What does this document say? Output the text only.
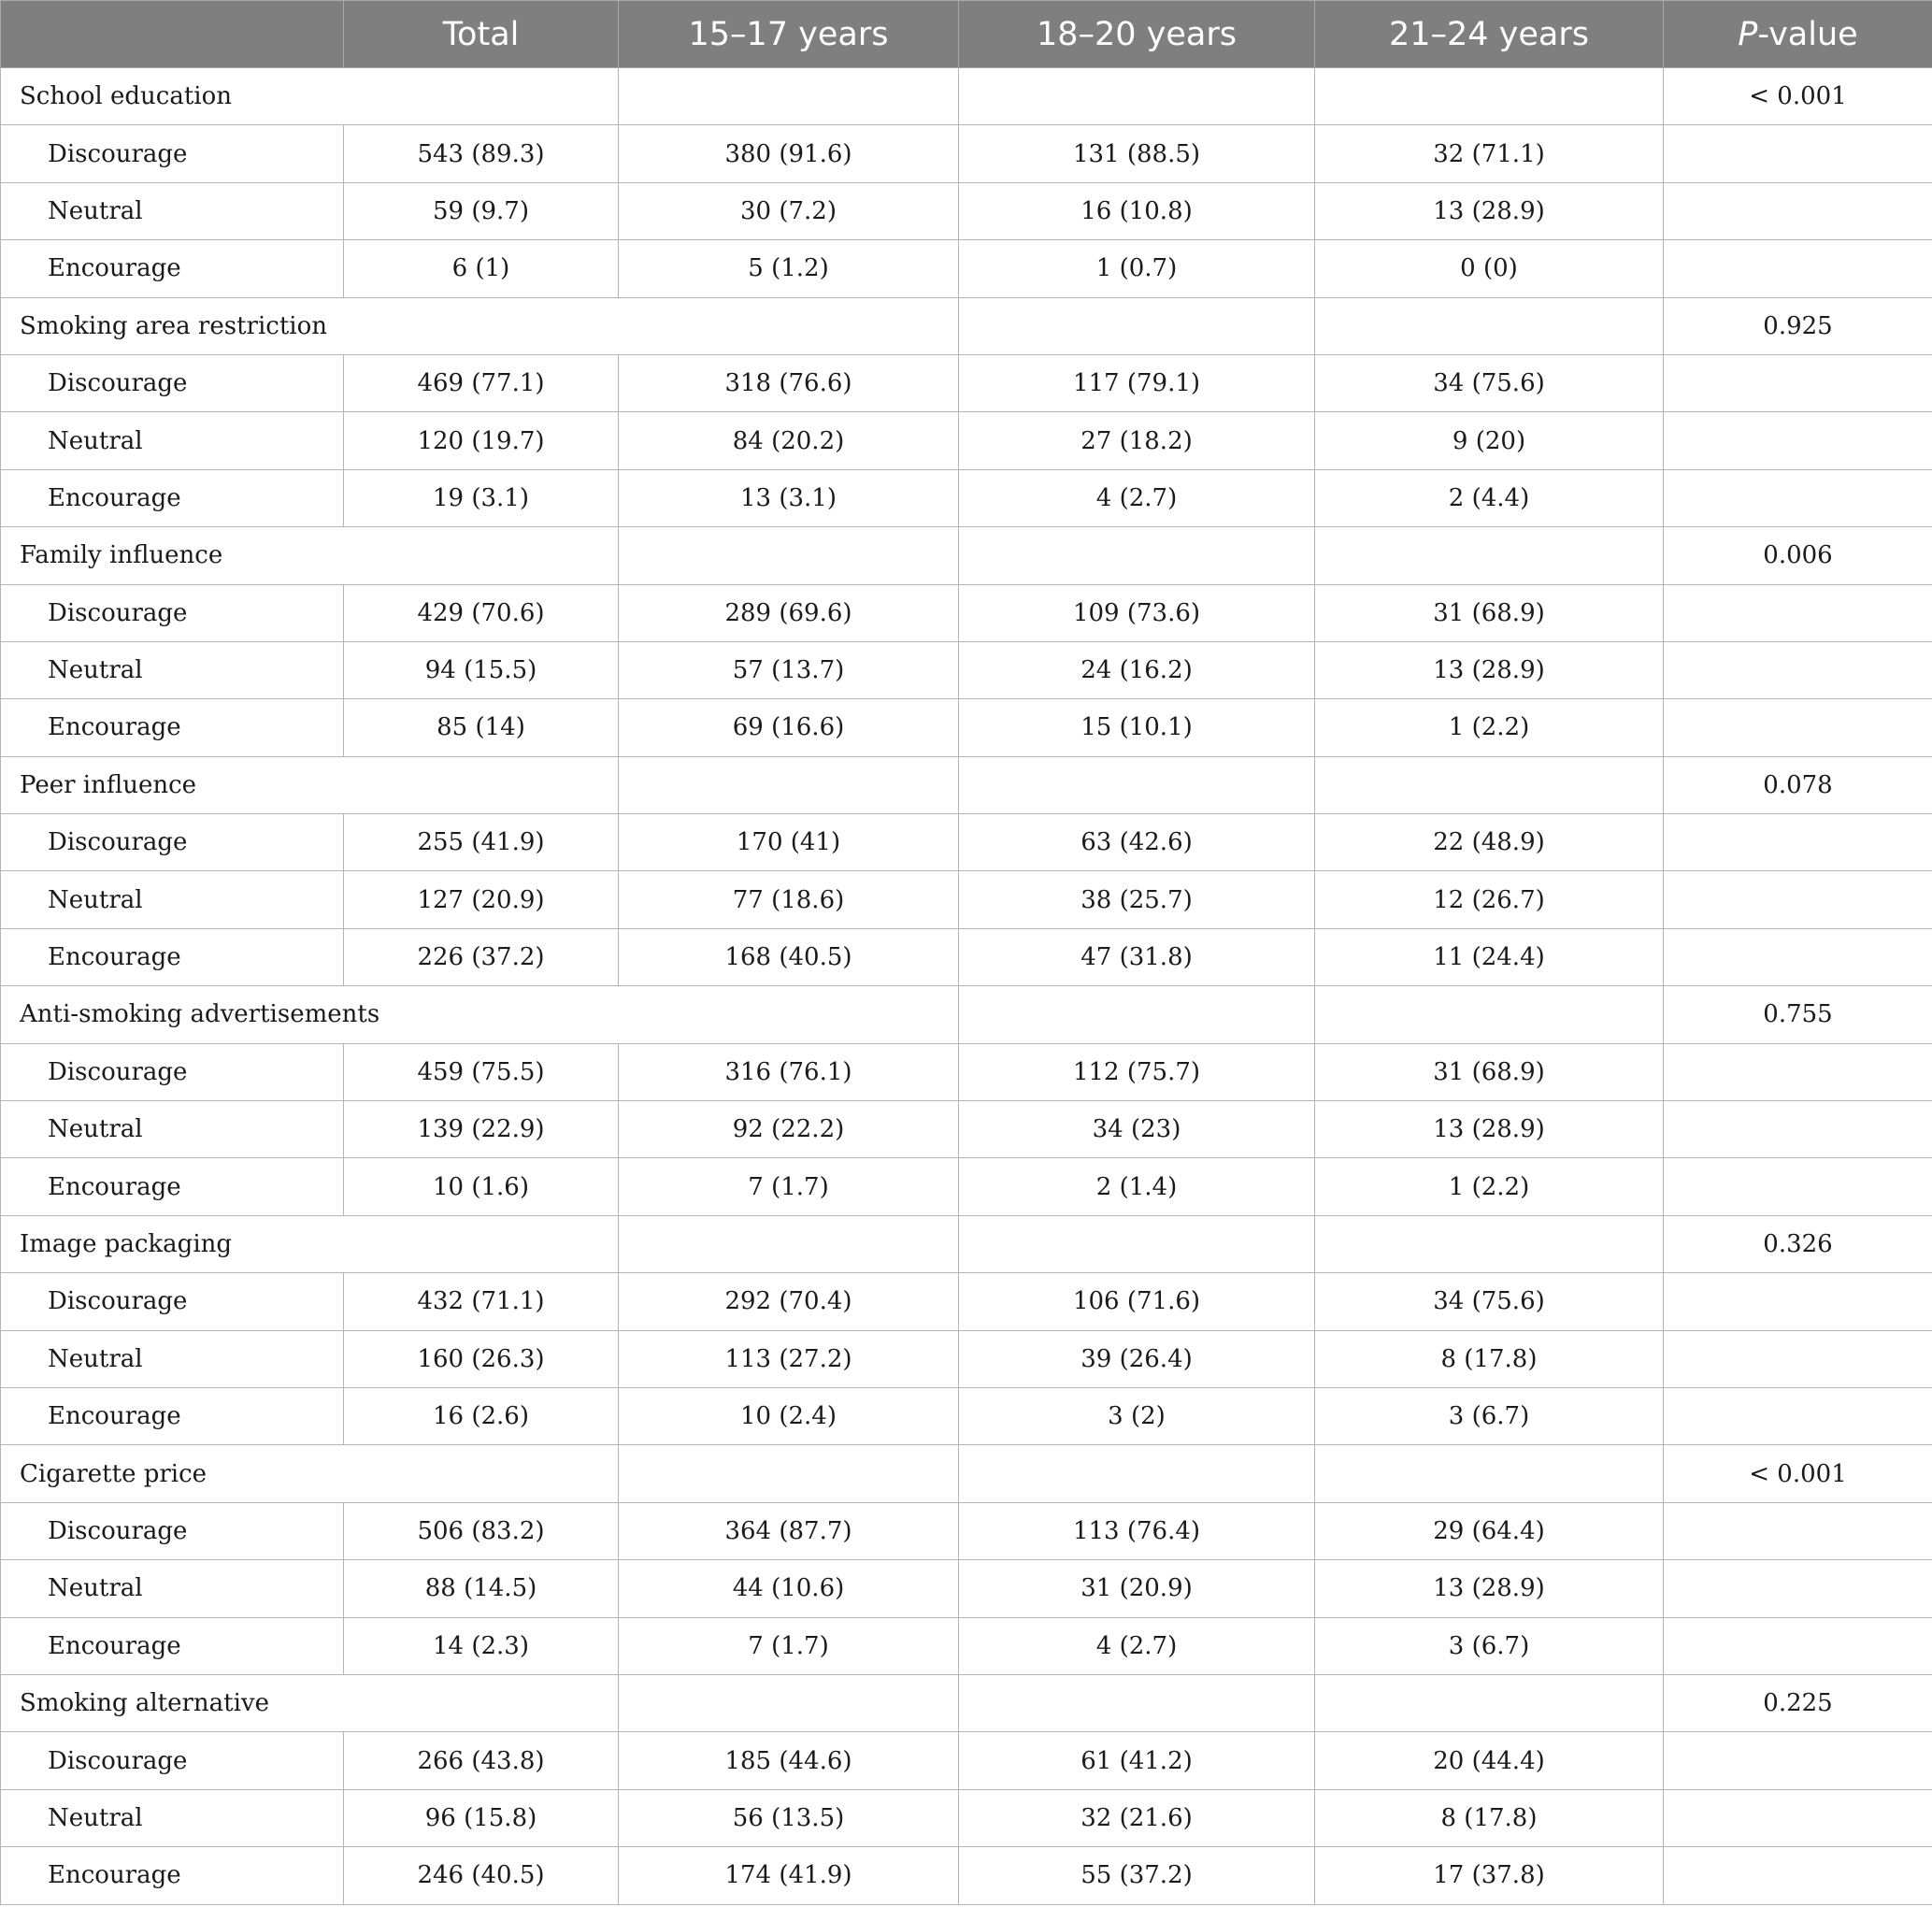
	Total	15–17 years	18–20 years	21–24 years	P-value
School education					< 0.001
Discourage	543 (89.3)	380 (91.6)	131 (88.5)	32 (71.1)	
Neutral	59 (9.7)	30 (7.2)	16 (10.8)	13 (28.9)	
Encourage	6 (1)	5 (1.2)	1 (0.7)	0 (0)	
Smoking area restriction					0.925
Discourage	469 (77.1)	318 (76.6)	117 (79.1)	34 (75.6)	
Neutral	120 (19.7)	84 (20.2)	27 (18.2)	9 (20)	
Encourage	19 (3.1)	13 (3.1)	4 (2.7)	2 (4.4)	
Family influence					0.006
Discourage	429 (70.6)	289 (69.6)	109 (73.6)	31 (68.9)	
Neutral	94 (15.5)	57 (13.7)	24 (16.2)	13 (28.9)	
Encourage	85 (14)	69 (16.6)	15 (10.1)	1 (2.2)	
Peer influence					0.078
Discourage	255 (41.9)	170 (41)	63 (42.6)	22 (48.9)	
Neutral	127 (20.9)	77 (18.6)	38 (25.7)	12 (26.7)	
Encourage	226 (37.2)	168 (40.5)	47 (31.8)	11 (24.4)	
Anti-smoking advertisements					0.755
Discourage	459 (75.5)	316 (76.1)	112 (75.7)	31 (68.9)	
Neutral	139 (22.9)	92 (22.2)	34 (23)	13 (28.9)	
Encourage	10 (1.6)	7 (1.7)	2 (1.4)	1 (2.2)	
Image packaging					0.326
Discourage	432 (71.1)	292 (70.4)	106 (71.6)	34 (75.6)	
Neutral	160 (26.3)	113 (27.2)	39 (26.4)	8 (17.8)	
Encourage	16 (2.6)	10 (2.4)	3 (2)	3 (6.7)	
Cigarette price					< 0.001
Discourage	506 (83.2)	364 (87.7)	113 (76.4)	29 (64.4)	
Neutral	88 (14.5)	44 (10.6)	31 (20.9)	13 (28.9)	
Encourage	14 (2.3)	7 (1.7)	4 (2.7)	3 (6.7)	
Smoking alternative					0.225
Discourage	266 (43.8)	185 (44.6)	61 (41.2)	20 (44.4)	
Neutral	96 (15.8)	56 (13.5)	32 (21.6)	8 (17.8)	
Encourage	246 (40.5)	174 (41.9)	55 (37.2)	17 (37.8)	
